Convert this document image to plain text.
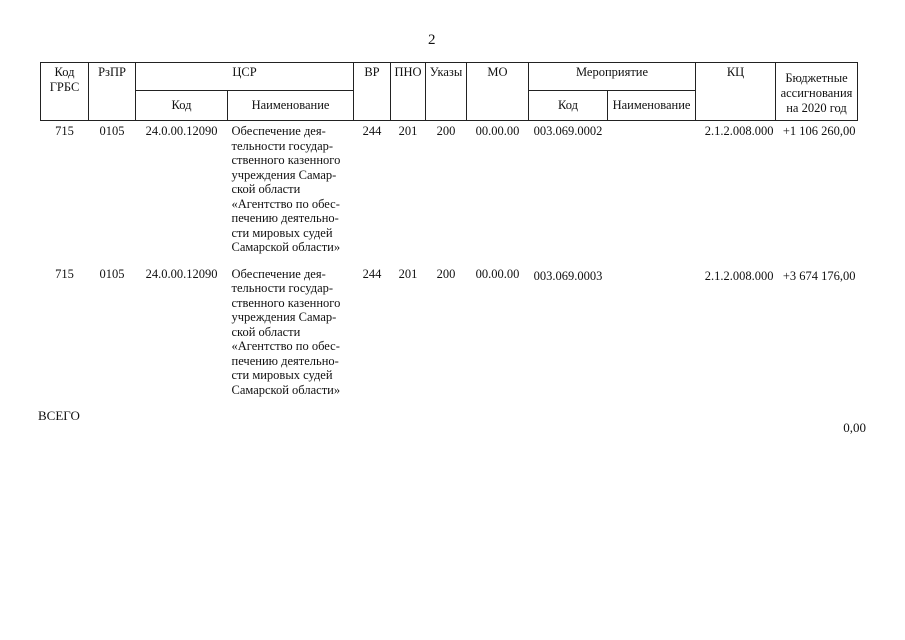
2
Код ГРБС	РзПР	ЦСР		ВР	ПНО	Указы	МО	Мероприятие		КЦ	Бюджетные ассигнования на 2020 год
		Код	Наименование					Код	Наименование		
715	0105	24.0.00.12090	Обеспечение дея-тельности государ-ственного казенного учреждения Самар-ской области «Агентство по обес-печению деятельно-сти мировых судей Самарской области»	244	201	200	00.00.00	003.069.0002		2.1.2.008.000	+1 106 260,00
715	0105	24.0.00.12090	Обеспечение дея-тельности государ-ственного казенного учреждения Самар-ской области «Агентство по обес-печению деятельно-сти мировых судей Самарской области»	244	201	200	00.00.00	003.069.0003		2.1.2.008.000	+3 674 176,00
ВСЕГО
0,00
